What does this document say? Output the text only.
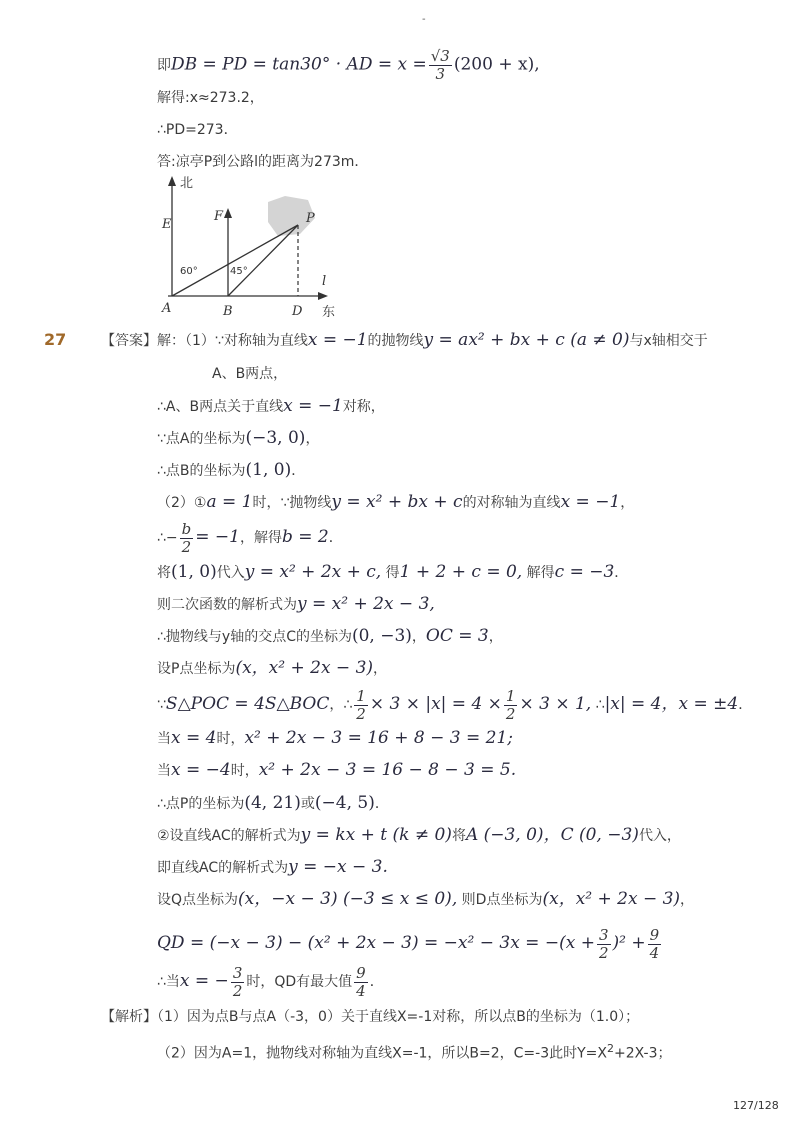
-
即DB = PD = tan30° · AD = $x = \frac{√3}{3} (200 + x)$,
解得:x≈273.2，
∴PD=273．
答:凉亭P到公路l的距离为273m．
北
东
E
F	P
A	B	D
l
60°	45°
27 【答案】解：（1）∵对称轴为直线x = −1的抛物线y = ax² + bx + c (a ≠ 0)与x轴相交于
A、B两点，
∴A、B两点关于直线x = −1对称，
∵点A的坐标为(−3, 0)，
∴点B的坐标为(1, 0)．
（2）①a = 1时，∵抛物线y = x² + bx + c的对称轴为直线x = −1，
∴− $\frac{b}{2} = -1$，解得b = 2．
将(1, 0)代入y = x² + 2x + c, 得1 + 2 + c = 0, 解得c = −3．
则二次函数的解析式为y = x² + 2x − 3,
∴抛物线与y轴的交点C的坐标为(0, −3)，OC = 3，
设P点坐标为(x，x² + 2x − 3)，
∵S△POC = 4S△BOC，∴ $\frac{1}{2} \times 3 \times |x| = 4 \times \frac{1}{2} \times 3 \times 1$, ∴|x| = 4，x = ±4．
当x = 4时，x² + 2x − 3 = 16 + 8 − 3 = 21;
当x = −4时，x² + 2x − 3 = 16 − 8 − 3 = 5.
∴点P的坐标为(4, 21)或(−4, 5)．
②设直线AC的解析式为y = kx + t (k ≠ 0)将A (−3, 0)，C (0, −3)代入，
即直线AC的解析式为y = −x − 3.
设Q点坐标为(x，−x − 3) (−3 ≤ x ≤ 0), 则D点坐标为(x，x² + 2x − 3)，
QD = $(-x - 3) - (x^2 + 2x - 3) = -x^2 - 3x = -(x + \frac{3}{2} )^2 + \frac{9}{4}$
∴当x = − $\frac{3}{2}$ 时，QD有最大值 $\frac{9}{4}$ ．
【解析】（1）因为点B与点A（-3，0）关于直线X=-1对称，所以点B的坐标为（1.0）；
（2）因为A=1，抛物线对称轴为直线X=-1，所以B=2，C=-3此时$Y=X^2+2X-3$；
127/128
